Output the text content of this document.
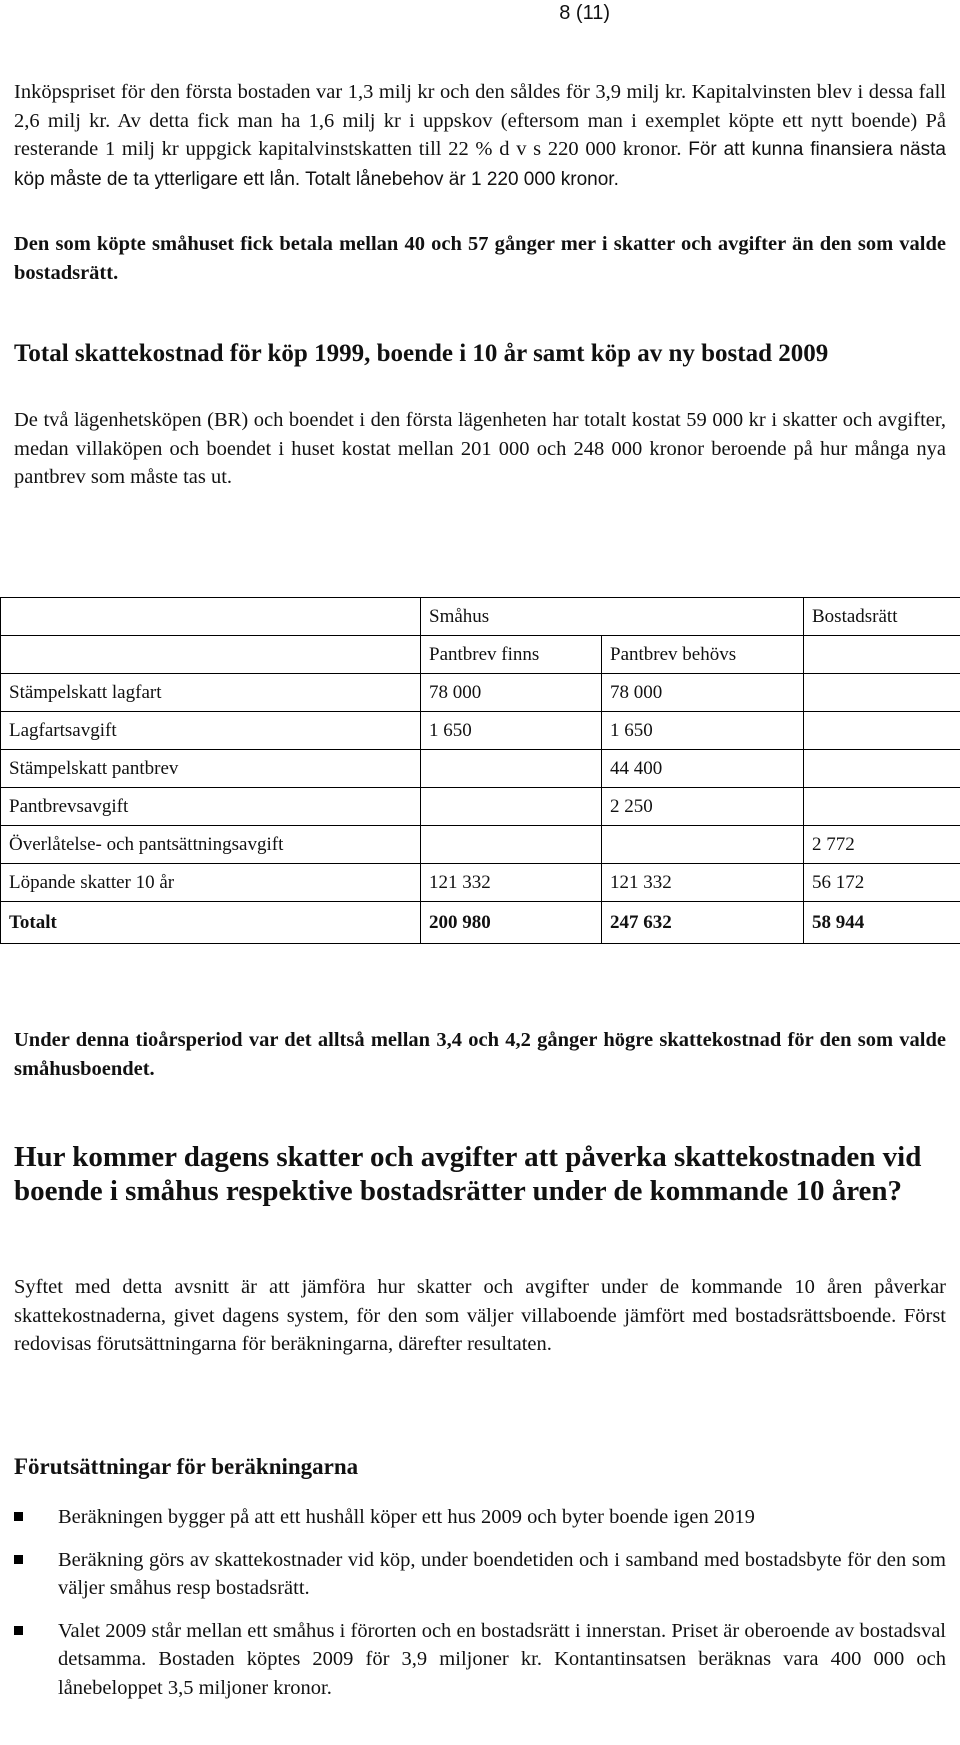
8 (11)

Inköpspriset för den första bostaden var 1,3 milj kr och den såldes för 3,9 milj kr. Kapitalvinsten blev i dessa fall 2,6 milj kr. Av detta fick man ha 1,6 milj kr i uppskov (eftersom man i exemplet köpte ett nytt boende) På resterande 1 milj kr uppgick kapitalvinstskatten till 22 % d v s 220 000 kronor. För att kunna finansiera nästa köp måste de ta ytterligare ett lån. Totalt lånebehov är 1 220 000 kronor.

Den som köpte småhuset fick betala mellan 40 och 57 gånger mer i skatter och avgifter än den som valde bostadsrätt.

Total skattekostnad för köp 1999, boende i 10 år samt köp av ny bostad 2009

De två lägenhetsköpen (BR) och boendet i den första lägenheten har totalt kostat 59 000 kr i skatter och avgifter, medan villaköpen och boendet i huset kostat mellan 201 000 och 248 000 kronor beroende på hur många nya pantbrev som måste tas ut.

	Småhus		Bostadsrätt
	Pantbrev finns	Pantbrev behövs	
Stämpelskatt lagfart	78 000	78 000	
Lagfartsavgift	1 650	1 650	
Stämpelskatt pantbrev		44 400	
Pantbrevsavgift		2 250	
Överlåtelse- och pantsättningsavgift			2 772
Löpande skatter 10 år	121 332	121 332	56 172
Totalt	200 980	247 632	58 944

Under denna tioårsperiod var det alltså mellan 3,4 och 4,2 gånger högre skattekostnad för den som valde småhusboendet.

Hur kommer dagens skatter och avgifter att påverka skattekostnaden vid boende i småhus respektive bostadsrätter under de kommande 10 åren?

Syftet med detta avsnitt är att jämföra hur skatter och avgifter under de kommande 10 åren påverkar skattekostnaderna, givet dagens system, för den som väljer villaboende jämfört med bostadsrättsboende. Först redovisas förutsättningarna för beräkningarna, därefter resultaten.

Förutsättningar för beräkningarna
Beräkningen bygger på att ett hushåll köper ett hus 2009 och byter boende igen 2019
Beräkning görs av skattekostnader vid köp, under boendetiden och i samband med bostadsbyte för den som väljer småhus resp bostadsrätt.
Valet 2009 står mellan ett småhus i förorten och en bostadsrätt i innerstan. Priset är oberoende av bostadsval detsamma. Bostaden köptes 2009 för 3,9 miljoner kr. Kontantinsatsen beräknas vara 400 000 och lånebeloppet 3,5 miljoner kronor.
